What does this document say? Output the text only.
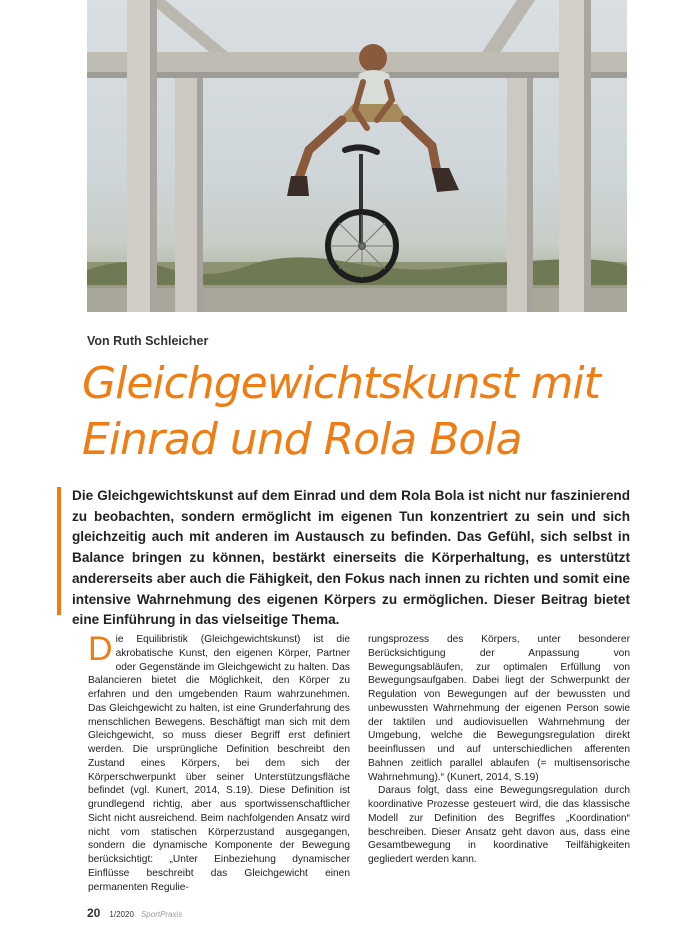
Von Ruth Schleicher
Gleichgewichtskunst mit
Einrad und Rola Bola

Die Gleichgewichtskunst auf dem Einrad und dem Rola Bola ist nicht nur faszinierend zu beobachten, sondern ermöglicht im eigenen Tun konzentriert zu sein und sich gleichzeitig auch mit anderen im Austausch zu befinden. Das Gefühl, sich selbst in Balance bringen zu können, bestärkt einerseits die Körperhaltung, es unterstützt andererseits aber auch die Fähigkeit, den Fokus nach innen zu richten und somit eine intensive Wahrnehmung des eigenen Körpers zu ermöglichen. Dieser Beitrag bietet eine Einführung in das vielseitige Thema.

Die Equilibristik (Gleichgewichtskunst) ist die akrobatische Kunst, den eigenen Körper, Partner oder Gegenstände im Gleichgewicht zu halten. Das Balancieren bietet die Möglichkeit, den Körper zu erfahren und den umgebenden Raum wahrzunehmen. Das Gleichgewicht zu halten, ist eine Grunderfahrung des menschlichen Bewegens. Beschäftigt man sich mit dem Gleichgewicht, so muss dieser Begriff erst definiert werden. Die ursprüngliche Definition beschreibt den Zustand eines Körpers, bei dem sich der Körperschwerpunkt über seiner Unterstützungsfläche befindet (vgl. Kunert, 2014, S.19). Diese Definition ist grundlegend richtig, aber aus sportwissenschaftlicher Sicht nicht ausreichend. Beim nachfolgenden Ansatz wird nicht vom statischen Körperzustand ausgegangen, sondern die dynamische Komponente der Bewegung berücksichtigt: „Unter Einbeziehung dynamischer Einflüsse beschreibt das Gleichgewicht einen permanenten Regulie-

rungsprozess des Körpers, unter besonderer Berücksichtigung der Anpassung von Bewegungsabläufen, zur optimalen Erfüllung von Bewegungsaufgaben. Dabei liegt der Schwerpunkt der Regulation von Bewegungen auf der bewussten und unbewussten Wahrnehmung der eigenen Person sowie der taktilen und audiovisuellen Wahrnehmung der Umgebung, welche die Bewegungsregulation direkt beeinflussen und auf unterschiedlichen afferenten Bahnen zeitlich parallel ablaufen (= multisensorische Wahrnehmung).“ (Kunert, 2014, S.19)

Daraus folgt, dass eine Bewegungsregulation durch koordinative Prozesse gesteuert wird, die das klassische Modell zur Definition des Begriffes „Koordination“ beschreiben. Dieser Ansatz geht davon aus, dass eine Gesamtbewegung in koordinative Teilfähigkeiten gegliedert werden kann.

20 1/2020 SportPraxis
